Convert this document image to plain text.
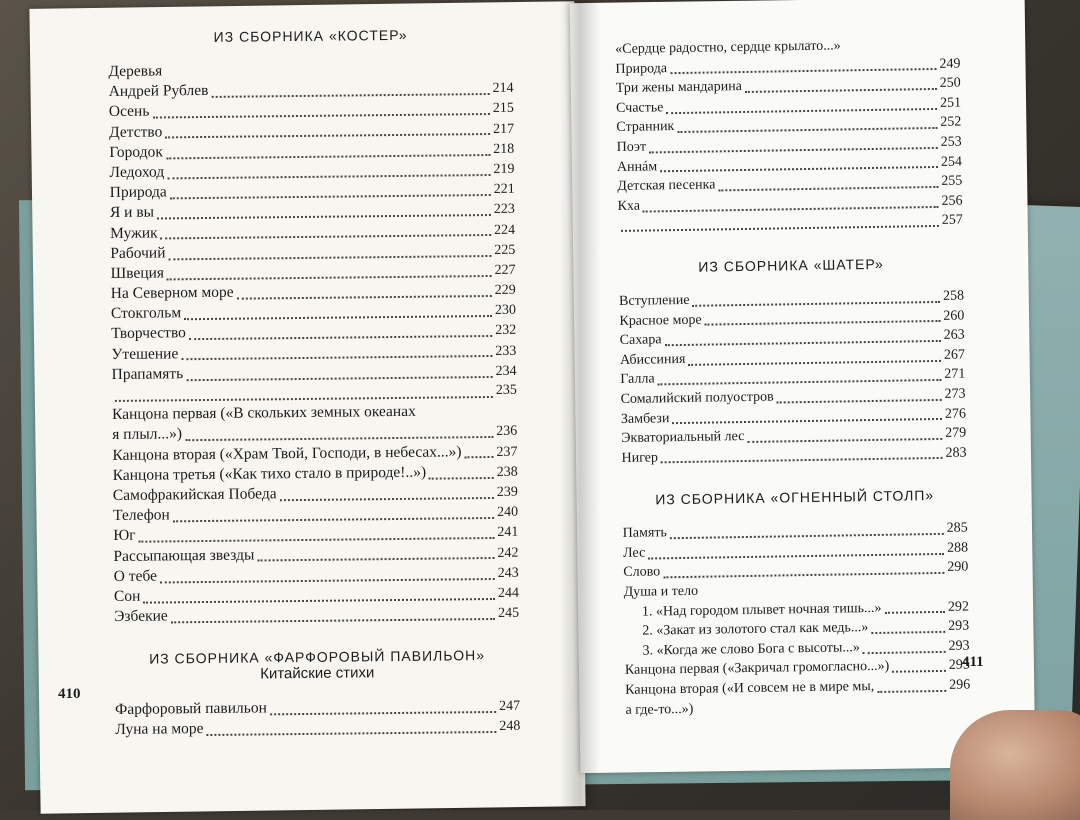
ИЗ СБОРНИКА «КОСТЕР»
Деревья
Андрей Рублев	214
Осень	215
Детство	217
Городок	218
Ледоход	219
Природа	221
Я и вы	223
Мужик	224
Рабочий	225
Швеция	227
На Северном море	229
Стокгольм	230
Творчество	232
Утешение	233
Прапамять	234
235
Канцона первая («В скольких земных океанах
я плыл...»)	236
Канцона вторая («Храм Твой, Господи, в небесах...») 237
Канцона третья («Как тихо стало в природе!..»)	238
Самофракийская Победа	239
Телефон	240
Юг	241
Рассыпающая звезды	242
О тебе	243
Сон	244
Эзбекие	245
ИЗ СБОРНИКА «ФАРФОРОВЫЙ ПАВИЛЬОН»
Китайские стихи
Фарфоровый павильон	247
Луна на море	248
«Сердце радостно, сердце крылато...»
Природа	249
Три жены мандарина	250
Счастье	251
Странник	252
Поэт	253
Аннáм	254
Детская песенка	255
Кха	256
257
ИЗ СБОРНИКА «ШАТЕР»
Вступление	258
Красное море	260
Сахара	263
Абиссиния	267
Галла	271
Сомалийский полуостров	273
Замбези	276
Экваториальный лес	279
Нигер	283
ИЗ СБОРНИКА «ОГНЕННЫЙ СТОЛП»
Память	285
Лес	288
Слово	290
Душа и тело
1. «Над городом плывет ночная тишь...»	292
2. «Закат из золотого стал как медь...»	293
3. «Когда же слово Бога с высоты...»	293
Канцона первая («Закричал громогласно...»)	295
Канцона вторая («И совсем не в мире мы,	296
а где-то...»)
410
411
